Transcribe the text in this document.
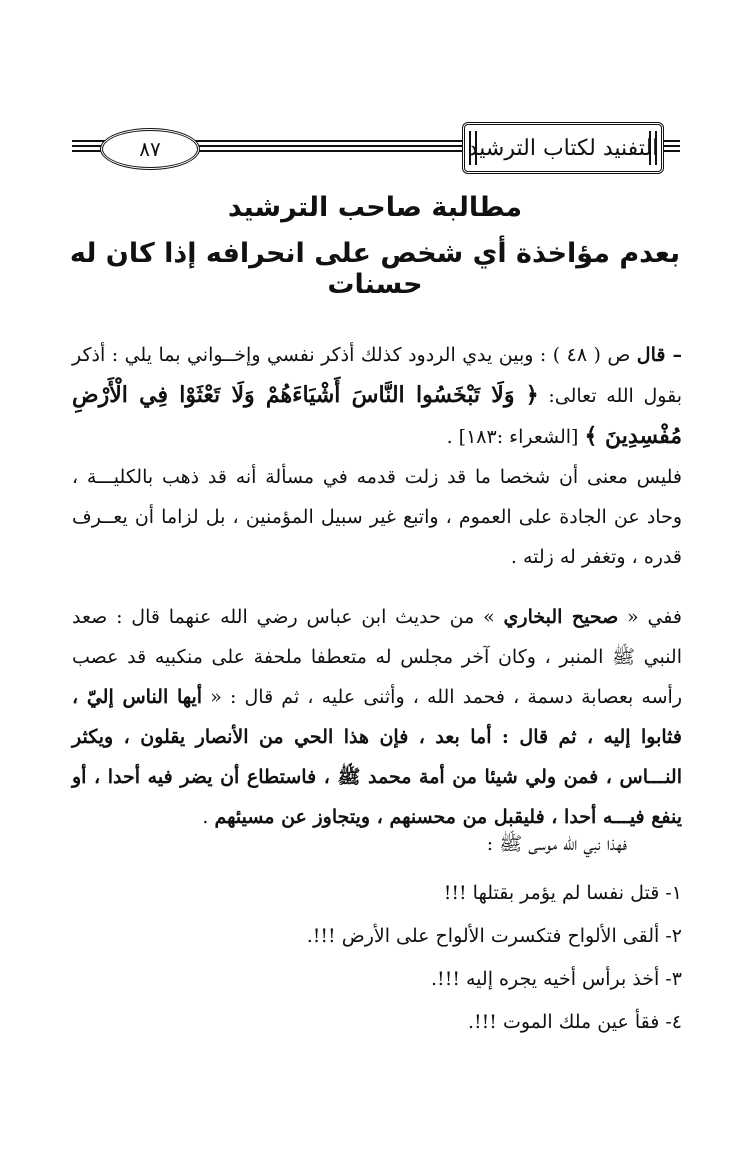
التفنيد لكتاب الترشيد
٨٧
مطالبة صاحب الترشيد
بعدم مؤاخذة أي شخص على انحرافه إذا كان له حسنات
– قال ص ( ٤٨ ) : وبين يدي الردود كذلك أذكر نفسي وإخــواني بما يلي : أذكر بقول الله تعالى: ﴿ وَلَا تَبْخَسُوا النَّاسَ أَشْيَاءَهُمْ وَلَا تَعْثَوْا فِي الْأَرْضِ مُفْسِدِينَ ﴾ [الشعراء :١٨٣] .
فليس معنى أن شخصا ما قد زلت قدمه في مسألة أنه قد ذهب بالكليـــة ، وحاد عن الجادة على العموم ، واتبع غير سبيل المؤمنين ، بل لزاما أن يعــرف قدره ، وتغفر له زلته .
ففي « صحيح البخاري » من حديث ابن عباس رضي الله عنهما قال : صعد النبي ﷺ المنبر ، وكان آخر مجلس له متعطفا ملحفة على منكبيه قد عصب رأسه بعصابة دسمة ، فحمد الله ، وأثنى عليه ، ثم قال : « أيها الناس إليّ ، فثابوا إليه ، ثم قال : أما بعد ، فإن هذا الحي من الأنصار يقلون ، ويكثر النـــاس ، فمن ولي شيئا من أمة محمد ﷺ ، فاستطاع أن يضر فيه أحدا ، أو ينفع فيـــه أحدا ، فليقبل من محسنهم ، ويتجاوز عن مسيئهم .
فهذا نبي الله موسى ﷺ :
١- قتل نفسا لم يؤمر بقتلها !!!
٢- ألقى الألواح فتكسرت الألواح على الأرض !!!.
٣- أخذ برأس أخيه يجره إليه !!!.
٤- فقأ عين ملك الموت !!!.
